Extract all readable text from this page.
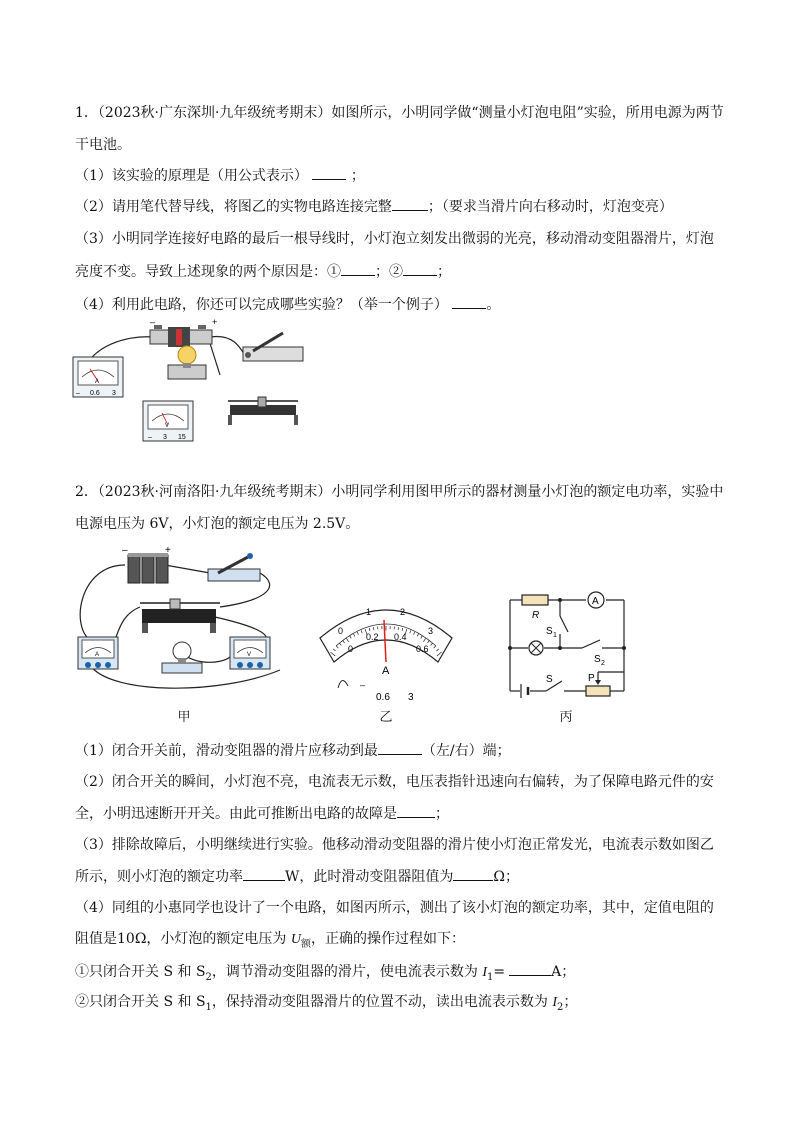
1．（2023秋·广东深圳·九年级统考期末）如图所示，小明同学做“测量小灯泡电阻”实验，所用电源为两节
干电池。
（1）该实验的原理是（用公式表示）	；
（2）请用笔代替导线，将图乙的实物电路连接完整	；（要求当滑片向右移动时，灯泡变亮）
（3）小明同学连接好电路的最后一根导线时，小灯泡立刻发出微弱的光亮，移动滑动变阻器滑片，灯泡
亮度不变。导致上述现象的两个原因是：① ；② ；
（4）利用此电路，你还可以完成哪些实验？（举一个例子）	。
–	+
A
– 0.6 3
V
– 3 15
2．（2023秋·河南洛阳·九年级统考期末）小明同学利用图甲所示的器材测量小灯泡的额定电功率，实验中
电源电压为 6V，小灯泡的额定电压为 2.5V。
–	+
A	V
甲
0
1	2
3
0
0.2 0.4
0.6
A
–
0.6 3
乙
A
R
S 1
S 2
S	P
丙
（1）闭合开关前，滑动变阻器的滑片应移动到最	（左/右）端；
（2）闭合开关的瞬间，小灯泡不亮，电流表无示数，电压表指针迅速向右偏转，为了保障电路元件的安
全，小明迅速断开开关。由此可推断出电路的故障是	；
（3）排除故障后，小明继续进行实验。他移动滑动变阻器的滑片使小灯泡正常发光，电流表示数如图乙
所示，则小灯泡的额定功率	W，此时滑动变阻器阻值为	Ω；
（4）同组的小惠同学也设计了一个电路，如图丙所示，测出了该小灯泡的额定功率，其中，定值电阻的
阻值是10Ω，小灯泡的额定电压为 $U_额$，正确的操作过程如下：
①只闭合开关 S 和 $S_2$，调节滑动变阻器的滑片，使电流表示数为 $I_1=$	A；
②只闭合开关 S 和 $S_1$，保持滑动变阻器滑片的位置不动，读出电流表示数为 $I_2$；
